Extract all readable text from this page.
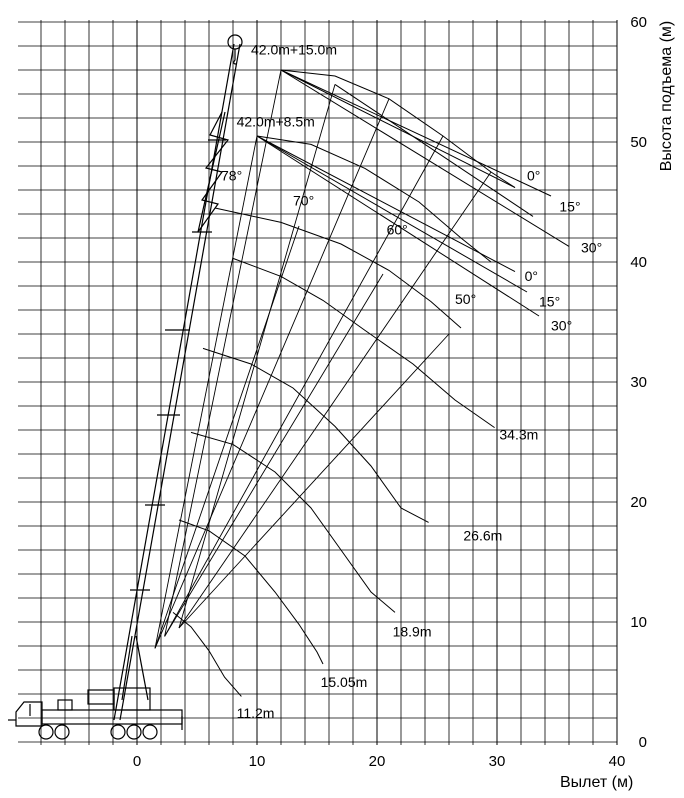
42.0m+15.0m
42.0m+8.5m
78°
70°
60°
50°
0°
15°
30°
0°
15°
30°
34.3m
26.6m
18.9m
15.05m
11.2m
0	10	20	30	40
0
10
20
30
40
50
60
Вылет (м)
Высота подъема (м)
